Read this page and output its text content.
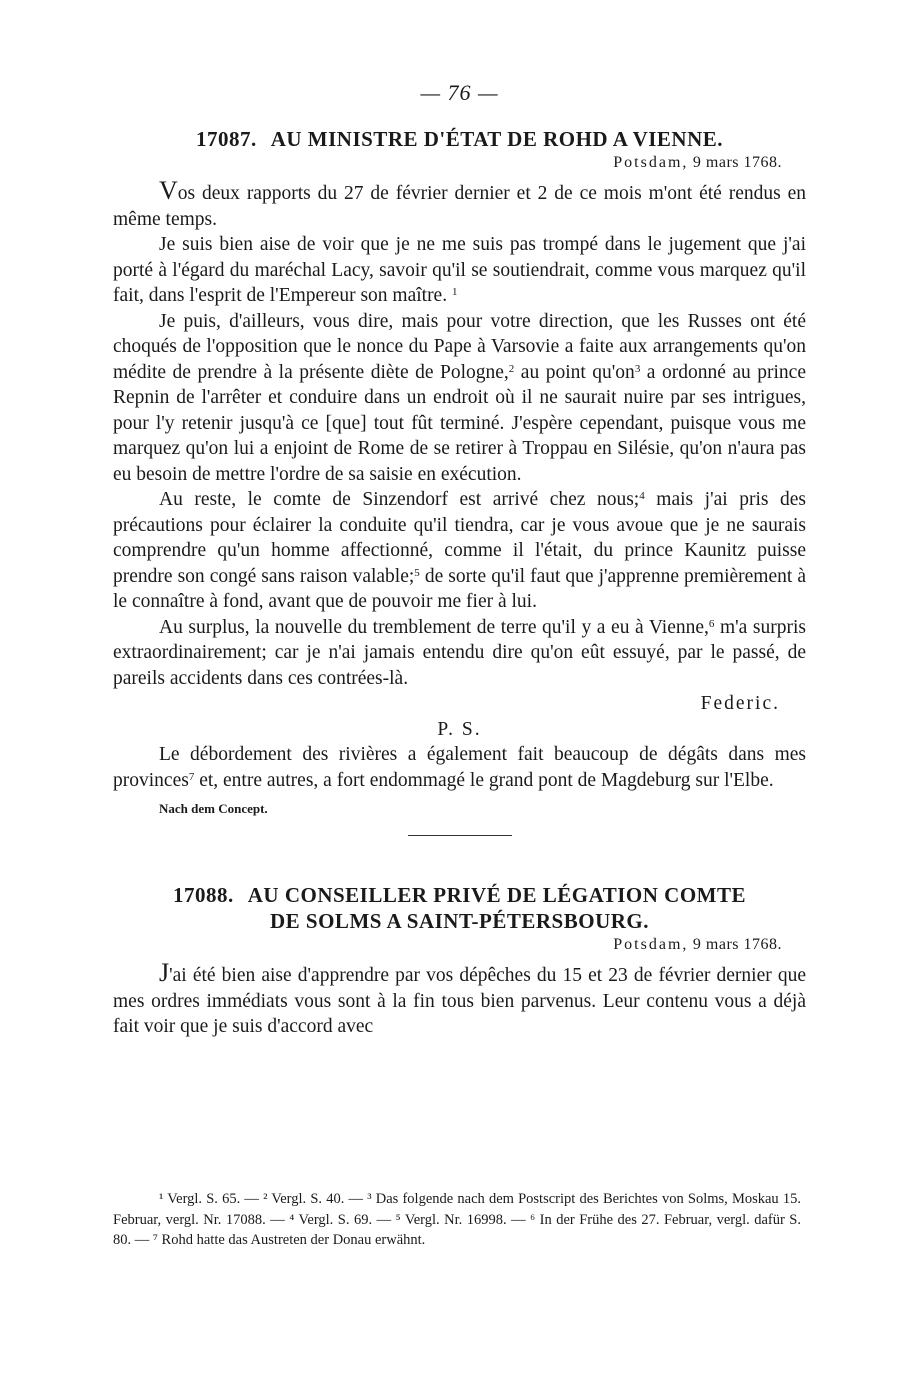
— 76 —
17087. AU MINISTRE D'ÉTAT DE ROHD A VIENNE.
Potsdam, 9 mars 1768.

Vos deux rapports du 27 de février dernier et 2 de ce mois m'ont été rendus en même temps.

Je suis bien aise de voir que je ne me suis pas trompé dans le jugement que j'ai porté à l'égard du maréchal Lacy, savoir qu'il se soutiendrait, comme vous marquez qu'il fait, dans l'esprit de l'Empereur son maître. $^1$

Je puis, d'ailleurs, vous dire, mais pour votre direction, que les Russes ont été choqués de l'opposition que le nonce du Pape à Varsovie a faite aux arrangements qu'on médite de prendre à la présente diète de Pologne,$^2$ au point qu'on$^3$ a ordonné au prince Repnin de l'arrêter et conduire dans un endroit où il ne saurait nuire par ses intrigues, pour l'y retenir jusqu'à ce [que] tout fût terminé. J'espère cependant, puisque vous me marquez qu'on lui a enjoint de Rome de se retirer à Troppau en Silésie, qu'on n'aura pas eu besoin de mettre l'ordre de sa saisie en exécution.

Au reste, le comte de Sinzendorf est arrivé chez nous;$^4$ mais j'ai pris des précautions pour éclairer la conduite qu'il tiendra, car je vous avoue que je ne saurais comprendre qu'un homme affectionné, comme il l'était, du prince Kaunitz puisse prendre son congé sans raison valable;$^5$ de sorte qu'il faut que j'apprenne premièrement à le connaître à fond, avant que de pouvoir me fier à lui.

Au surplus, la nouvelle du tremblement de terre qu'il y a eu à Vienne,$^6$ m'a surpris extraordinairement; car je n'ai jamais entendu dire qu'on eût essuyé, par le passé, de pareils accidents dans ces contrées-là.

Federic.
P. S.

Le débordement des rivières a également fait beaucoup de dégâts dans mes provinces$^7$ et, entre autres, a fort endommagé le grand pont de Magdeburg sur l'Elbe.

Nach dem Concept.
17088. AU CONSEILLER PRIVÉ DE LÉGATION COMTE
DE SOLMS A SAINT-PÉTERSBOURG.
Potsdam, 9 mars 1768.

J'ai été bien aise d'apprendre par vos dépêches du 15 et 23 de février dernier que mes ordres immédiats vous sont à la fin tous bien parvenus. Leur contenu vous a déjà fait voir que je suis d'accord avec

¹ Vergl. S. 65. — ² Vergl. S. 40. — ³ Das folgende nach dem Postscript des Berichtes von Solms, Moskau 15. Februar, vergl. Nr. 17088. — ⁴ Vergl. S. 69. — ⁵ Vergl. Nr. 16998. — ⁶ In der Frühe des 27. Februar, vergl. dafür S. 80. — ⁷ Rohd hatte das Austreten der Donau erwähnt.
